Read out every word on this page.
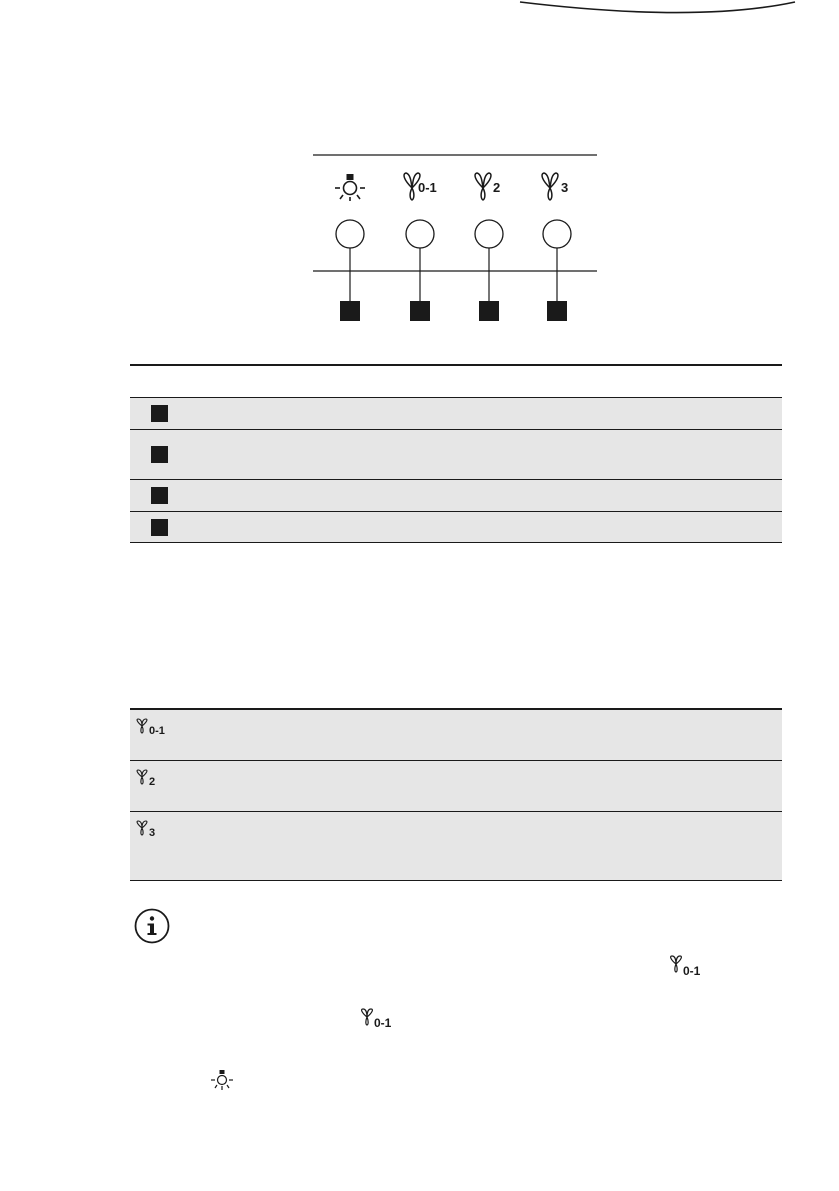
0-1	2	3
0-1
2
3
0-1
0-1
